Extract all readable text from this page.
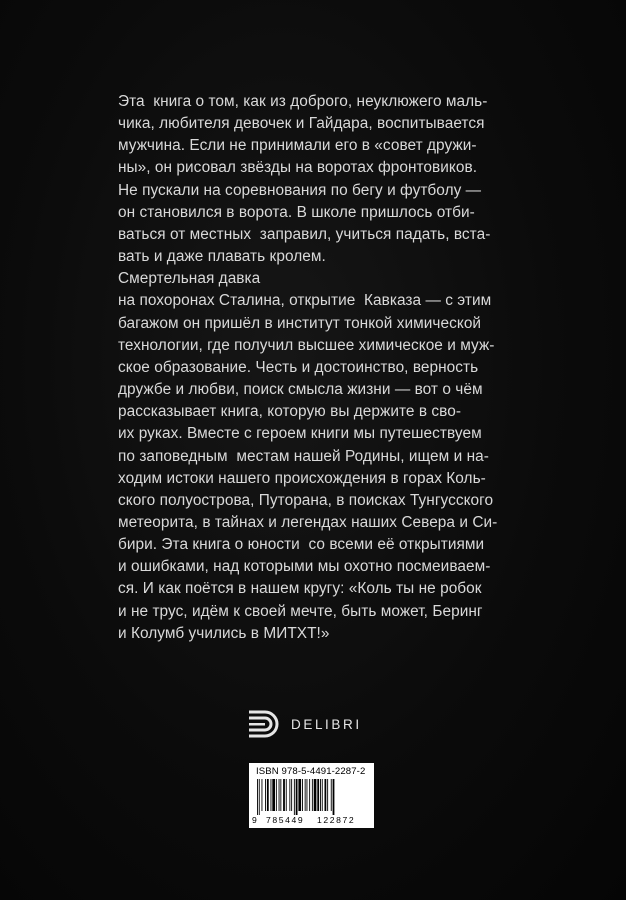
Эта  книга о том, как из доброго, неуклюжего маль-
чика, любителя девочек и Гайдара, воспитывается
мужчина. Если не принимали его в «совет дружи-
ны», он рисовал звёзды на воротах фронтовиков.
Не пускали на соревнования по бегу и футболу —
он становился в ворота. В школе пришлось отби-
ваться от местных  заправил, учиться падать, вста-
вать и даже плавать кролем.
Смертельная давка
на похоронах Сталина, открытие  Кавказа — с этим
багажом он пришёл в институт тонкой химической
технологии, где получил высшее химическое и муж-
ское образование. Честь и достоинство, верность
дружбе и любви, поиск смысла жизни — вот о чём
рассказывает книга, которую вы держите в сво-
их руках. Вместе с героем книги мы путешествуем
по заповедным  местам нашей Родины, ищем и на-
ходим истоки нашего происхождения в горах Коль-
ского полуострова, Путорана, в поисках Тунгусского
метеорита, в тайнах и легендах наших Севера и Си-
бири. Эта книга о юности  со всеми её открытиями
и ошибками, над которыми мы охотно посмеиваем-
ся. И как поётся в нашем кругу: «Коль ты не робок
и не трус, идём к своей мечте, быть может, Беринг
и Колумб учились в МИТХТ!»
DELIBRI
ISBN 978-5-4491-2287-2
9 785449 122872
